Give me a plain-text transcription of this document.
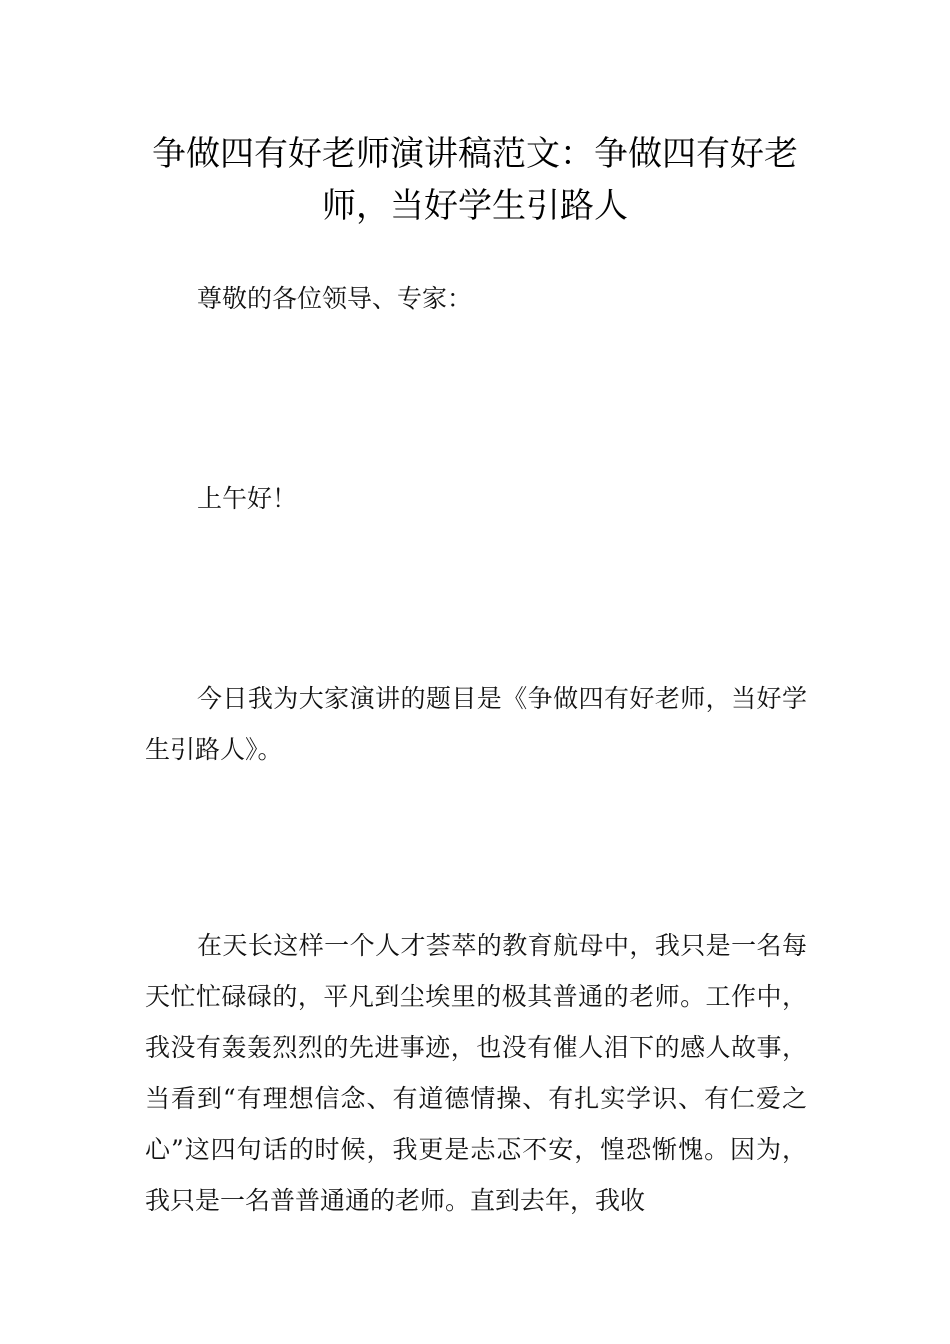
争做四有好老师演讲稿范文：争做四有好老师，当好学生引路人

尊敬的各位领导、专家：

上午好！

今日我为大家演讲的题目是《争做四有好老师，当好学生引路人》。

在天长这样一个人才荟萃的教育航母中，我只是一名每天忙忙碌碌的，平凡到尘埃里的极其普通的老师。工作中，我没有轰轰烈烈的先进事迹，也没有催人泪下的感人故事，当看到“有理想信念、有道德情操、有扎实学识、有仁爱之心”这四句话的时候，我更是忐忑不安，惶恐惭愧。因为，我只是一名普普通通的老师。直到去年，我收
